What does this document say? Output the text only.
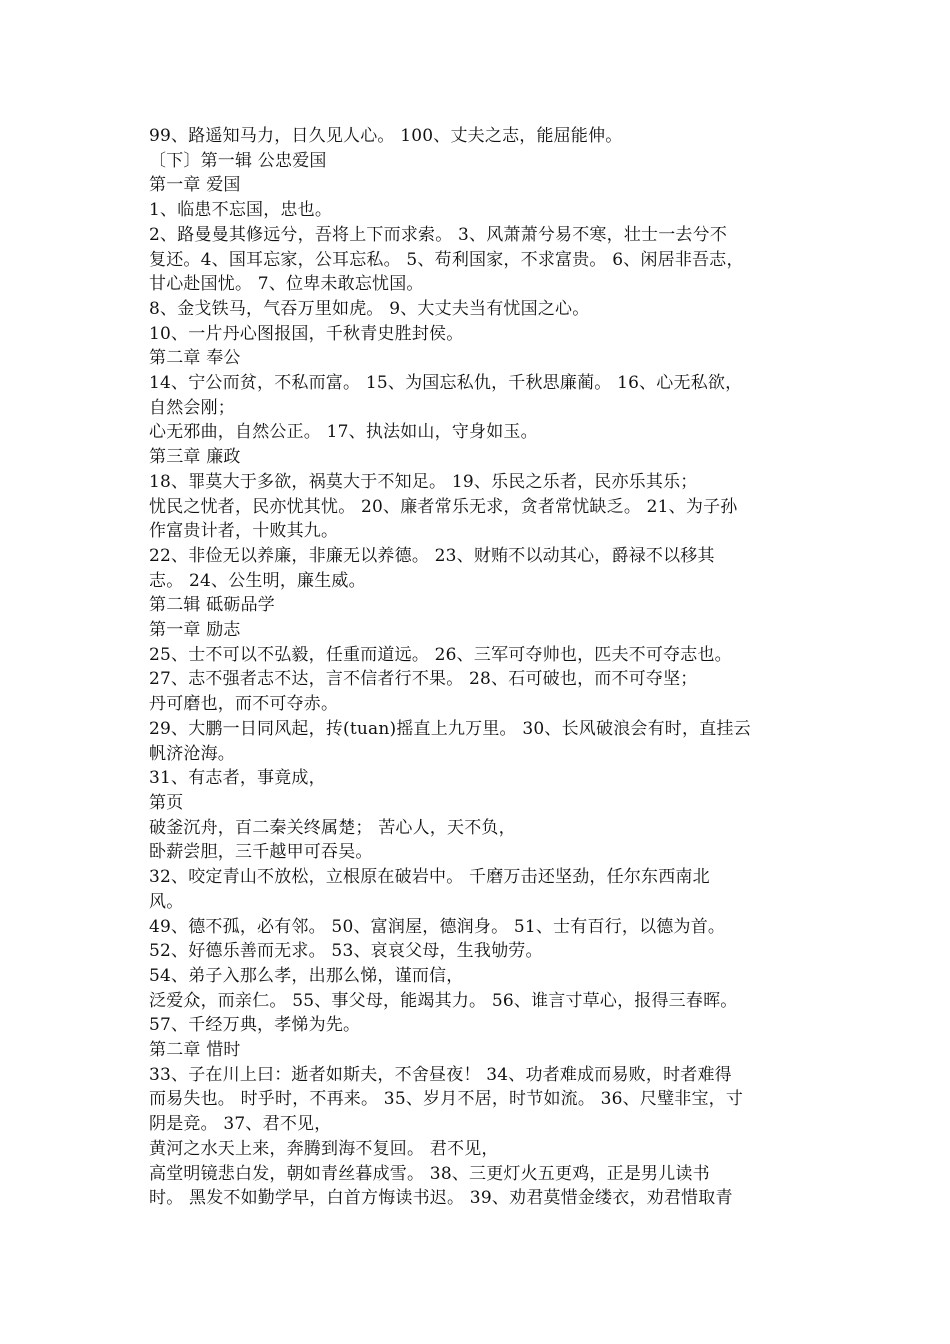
99、路遥知马力，日久见人心。 100、丈夫之志，能屈能伸。
〔下〕第一辑 公忠爱国
第一章 爱国
1、临患不忘国，忠也。
2、路曼曼其修远兮，吾将上下而求索。 3、风萧萧兮易不寒，壮士一去兮不
复还。4、国耳忘家，公耳忘私。 5、苟利国家，不求富贵。 6、闲居非吾志，
甘心赴国忧。 7、位卑未敢忘忧国。
8、金戈铁马，气吞万里如虎。 9、大丈夫当有忧国之心。
10、一片丹心图报国，千秋青史胜封侯。
第二章 奉公
14、宁公而贫，不私而富。 15、为国忘私仇，千秋思廉蔺。 16、心无私欲，
自然会刚；
心无邪曲，自然公正。 17、执法如山，守身如玉。
第三章 廉政
18、罪莫大于多欲，祸莫大于不知足。 19、乐民之乐者，民亦乐其乐；
忧民之忧者，民亦忧其忧。 20、廉者常乐无求，贪者常忧缺乏。 21、为子孙
作富贵计者，十败其九。
22、非俭无以养廉，非廉无以养德。 23、财贿不以动其心，爵禄不以移其
志。 24、公生明，廉生威。
第二辑 砥砺品学
第一章 励志
25、士不可以不弘毅，任重而道远。 26、三军可夺帅也，匹夫不可夺志也。
27、志不强者志不达，言不信者行不果。 28、石可破也，而不可夺坚；
丹可磨也，而不可夺赤。
29、大鹏一日同风起，抟(tuan)摇直上九万里。 30、长风破浪会有时，直挂云
帆济沧海。
31、有志者，事竟成，
第页
破釜沉舟，百二秦关终属楚； 苦心人，天不负，
卧薪尝胆，三千越甲可吞吴。
32、咬定青山不放松，立根原在破岩中。 千磨万击还坚劲，任尔东西南北
风。
49、德不孤，必有邻。 50、富润屋，德润身。 51、士有百行，以德为首。
52、好德乐善而无求。 53、哀哀父母，生我劬劳。
54、弟子入那么孝，出那么悌，谨而信，
泛爱众，而亲仁。 55、事父母，能竭其力。 56、谁言寸草心，报得三春晖。
57、千经万典，孝悌为先。
第二章 惜时
33、子在川上曰：逝者如斯夫，不舍昼夜！ 34、功者难成而易败，时者难得
而易失也。 时乎时，不再来。 35、岁月不居，时节如流。 36、尺璧非宝，寸
阴是竞。 37、君不见，
黄河之水天上来，奔腾到海不复回。 君不见，
高堂明镜悲白发，朝如青丝暮成雪。 38、三更灯火五更鸡，正是男儿读书
时。 黑发不如勤学早，白首方悔读书迟。 39、劝君莫惜金缕衣，劝君惜取青
